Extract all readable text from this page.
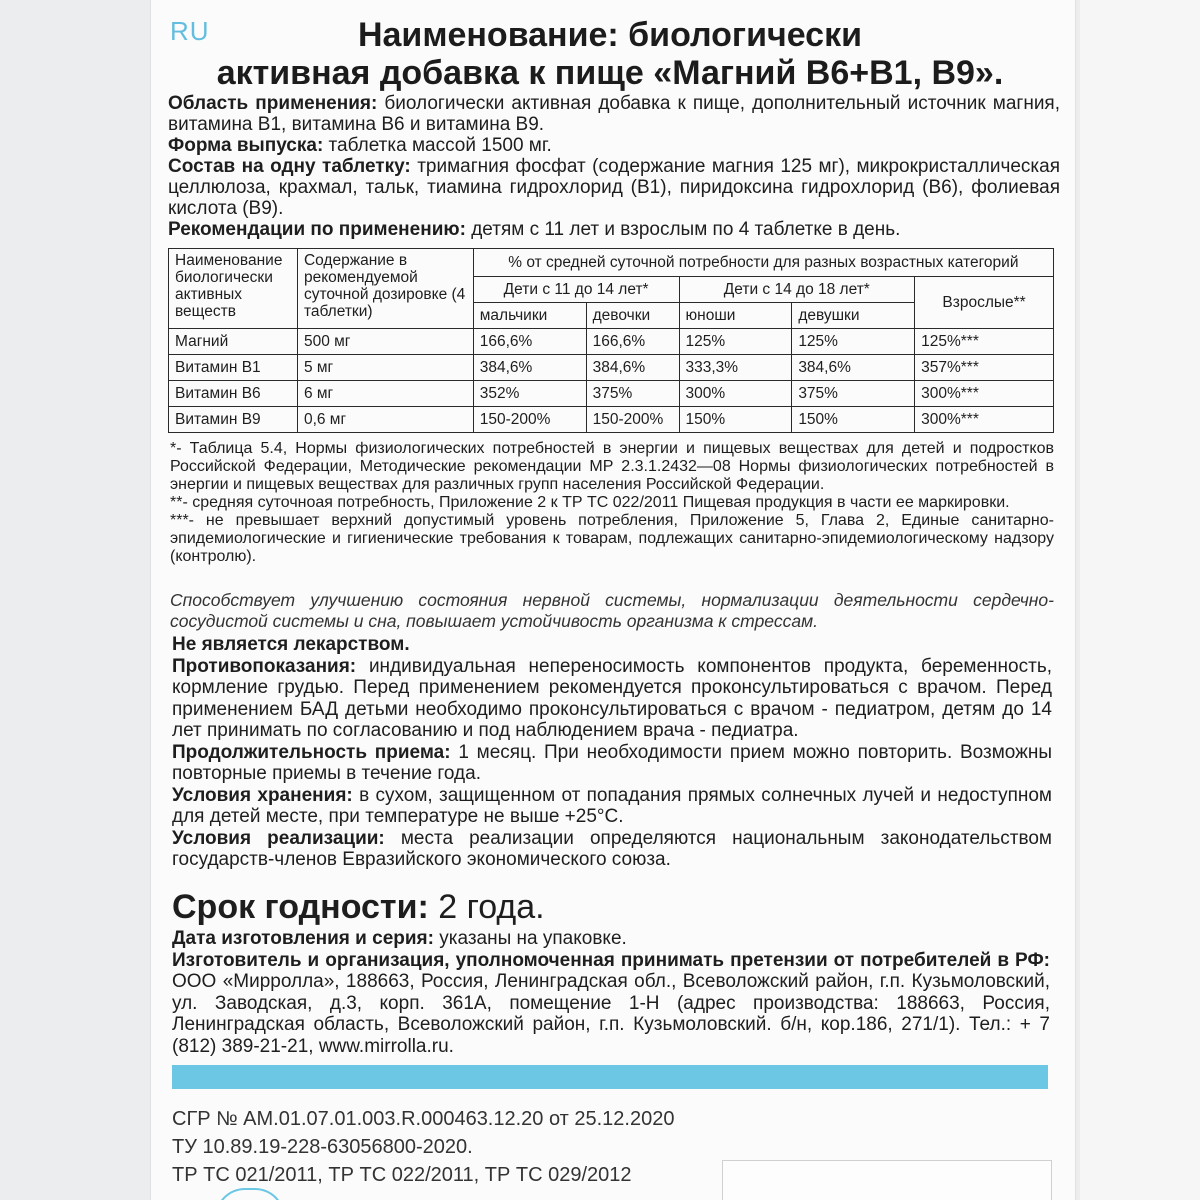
RU	Наименование: биологически
активная добавка к пище «Магний B6+B1, B9».
Область применения: биологически активная добавка к пище, дополнительный источник магния, витамина В1, витамина В6 и витамина В9.
Форма выпуска: таблетка массой 1500 мг.
Состав на одну таблетку: тримагния фосфат (содержание магния 125 мг), микрокристаллическая целлюлоза, крахмал, тальк, тиамина гидрохлорид (В1), пиридоксина гидрохлорид (В6), фолиевая кислота (В9).
Рекомендации по применению: детям с 11 лет и взрослым по 4 таблетке в день.
Наименование биологически активных веществ	Содержание в рекомендуемой суточной дозировке (4 таблетки)	% от средней суточной потребности для разных возрастных категорий				
		Дети с 11 до 14 лет*		Дети с 14 до 18 лет*		Взрослые**
		мальчики	девочки	юноши	девушки	
Магний	500 мг	166,6%	166,6%	125%	125%	125%***
Витамин В1	5 мг	384,6%	384,6%	333,3%	384,6%	357%***
Витамин В6	6 мг	352%	375%	300%	375%	300%***
Витамин В9	0,6 мг	150-200%	150-200%	150%	150%	300%***
*- Таблица 5.4, Нормы физиологических потребностей в энергии и пищевых веществах для детей и подростков Российской Федерации, Методические рекомендации МР 2.3.1.2432—08 Нормы физиологических потребностей в энергии и пищевых веществах для различных групп населения Российской Федерации.
**- средняя суточноая потребность, Приложение 2 к ТР ТС 022/2011 Пищевая продукция в части ее маркировки.
***- не превышает верхний допустимый уровень потребления, Приложение 5, Глава 2, Единые санитарно-эпидемиологические и гигиенические требования к товарам, подлежащих санитарно-эпидемиологическому надзору (контролю).
Способствует улучшению состояния нервной системы, нормализации деятельности сердечно-сосудистой системы и сна, повышает устойчивость организма к стрессам.
Не является лекарством.
Противопоказания: индивидуальная непереносимость компонентов продукта, беременность, кормление грудью. Перед применением рекомендуется проконсультироваться с врачом. Перед применением БАД детьми необходимо проконсультироваться с врачом - педиатром, детям до 14 лет принимать по согласованию и под наблюдением врача - педиатра.
Продолжительность приема: 1 месяц. При необходимости прием можно повторить. Возможны повторные приемы в течение года.
Условия хранения: в сухом, защищенном от попадания прямых солнечных лучей и недоступном для детей месте, при температуре не выше +25°С.
Условия реализации: места реализации определяются национальным законодательством государств-членов Евразийского экономического союза.
Срок годности: 2 года.
Дата изготовления и серия: указаны на упаковке.
Изготовитель и организация, уполномоченная принимать претензии от потребителей в РФ: ООО «Мирролла», 188663, Россия, Ленинградская обл., Всеволожский район, г.п. Кузьмоловский, ул. Заводская, д.3, корп. 361А, помещение 1-Н (адрес производства: 188663, Россия, Ленинградская область, Всеволожский район, г.п. Кузьмоловский. б/н, кор.186, 271/1). Тел.: + 7 (812) 389-21-21, www.mirrolla.ru.
СГР № AM.01.07.01.003.R.000463.12.20 от 25.12.2020
ТУ 10.89.19-228-63056800-2020.
ТР ТС 021/2011, ТР ТС 022/2011, ТР ТС 029/2012
